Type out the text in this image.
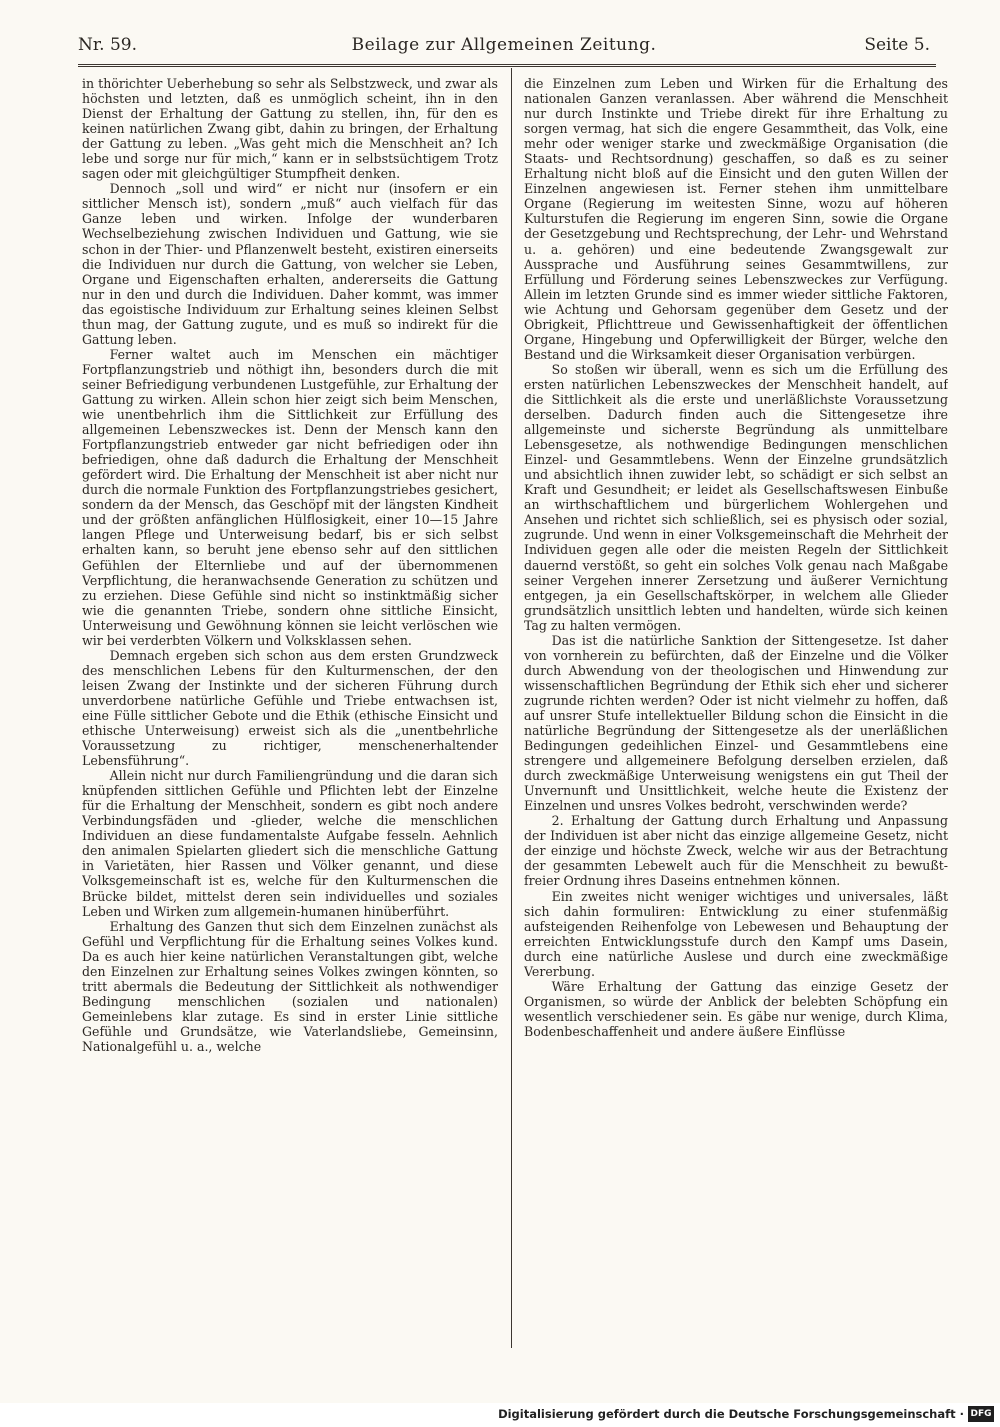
Nr. 59.	Beilage zur Allgemeinen Zeitung.	Seite 5.

in thörichter Ueberhebung so sehr als Selbstzweck, und zwar als höchsten und letzten, daß es unmöglich scheint, ihn in den Dienst der Erhaltung der Gattung zu stellen, ihn, für den es keinen natürlichen Zwang gibt, dahin zu bringen, der Erhaltung der Gattung zu leben. „Was geht mich die Menschheit an? Ich lebe und sorge nur für mich,“ kann er in selbstsüchtigem Trotz sagen oder mit gleichgültiger Stumpfheit denken.

Dennoch „soll und wird“ er nicht nur (insofern er ein sittlicher Mensch ist), sondern „muß“ auch vielfach für das Ganze leben und wirken. Infolge der wunderbaren Wechselbeziehung zwischen Individuen und Gattung, wie sie schon in der Thier- und Pflanzenwelt besteht, existiren einerseits die Individuen nur durch die Gattung, von welcher sie Leben, Organe und Eigenschaften erhalten, andererseits die Gattung nur in den und durch die Individuen. Daher kommt, was immer das egoistische Individuum zur Erhaltung seines kleinen Selbst thun mag, der Gattung zugute, und es muß so indirekt für die Gattung leben.

Ferner waltet auch im Menschen ein mächtiger Fortpflanzungstrieb und nöthigt ihn, besonders durch die mit seiner Befriedigung verbundenen Lustgefühle, zur Erhaltung der Gattung zu wirken. Allein schon hier zeigt sich beim Menschen, wie unentbehrlich ihm die Sittlichkeit zur Erfüllung des allgemeinen Lebenszweckes ist. Denn der Mensch kann den Fortpflanzungstrieb entweder gar nicht befriedigen oder ihn befriedigen, ohne daß dadurch die Erhaltung der Menschheit gefördert wird. Die Erhaltung der Menschheit ist aber nicht nur durch die normale Funktion des Fortpflanzungstriebes gesichert, sondern da der Mensch, das Geschöpf mit der längsten Kindheit und der größten anfänglichen Hülflosigkeit, einer 10—15 Jahre langen Pflege und Unterweisung bedarf, bis er sich selbst erhalten kann, so beruht jene ebenso sehr auf den sittlichen Gefühlen der Elternliebe und auf der übernommenen Verpflichtung, die heranwachsende Generation zu schützen und zu erziehen. Diese Gefühle sind nicht so instinktmäßig sicher wie die genannten Triebe, sondern ohne sittliche Einsicht, Unterweisung und Gewöhnung können sie leicht verlöschen wie wir bei verderbten Völkern und Volksklassen sehen.

Demnach ergeben sich schon aus dem ersten Grundzweck des menschlichen Lebens für den Kulturmenschen, der den leisen Zwang der Instinkte und der sicheren Führung durch unverdorbene natürliche Gefühle und Triebe entwachsen ist, eine Fülle sittlicher Gebote und die Ethik (ethische Einsicht und ethische Unterweisung) erweist sich als die „unentbehrliche Voraussetzung zu richtiger, menschenerhaltender Lebensführung“.

Allein nicht nur durch Familiengründung und die daran sich knüpfenden sittlichen Gefühle und Pflichten lebt der Einzelne für die Erhaltung der Menschheit, sondern es gibt noch andere Verbindungsfäden und -glieder, welche die menschlichen Individuen an diese fundamentalste Aufgabe fesseln. Aehnlich den animalen Spielarten gliedert sich die menschliche Gattung in Varietäten, hier Rassen und Völker genannt, und diese Volksgemeinschaft ist es, welche für den Kulturmenschen die Brücke bildet, mittelst deren sein individuelles und soziales Leben und Wirken zum allgemein-humanen hinüberführt.

Erhaltung des Ganzen thut sich dem Einzelnen zunächst als Gefühl und Verpflichtung für die Erhaltung seines Volkes kund. Da es auch hier keine natürlichen Veranstaltungen gibt, welche den Einzelnen zur Erhaltung seines Volkes zwingen könnten, so tritt abermals die Bedeutung der Sittlichkeit als nothwendiger Bedingung menschlichen (sozialen und nationalen) Gemeinlebens klar zutage. Es sind in erster Linie sittliche Gefühle und Grundsätze, wie Vaterlandsliebe, Gemeinsinn, Nationalgefühl u. a., welche

die Einzelnen zum Leben und Wirken für die Erhaltung des nationalen Ganzen veranlassen. Aber während die Menschheit nur durch Instinkte und Triebe direkt für ihre Erhaltung zu sorgen vermag, hat sich die engere Gesammtheit, das Volk, eine mehr oder weniger starke und zweckmäßige Organisation (die Staats- und Rechtsordnung) geschaffen, so daß es zu seiner Erhaltung nicht bloß auf die Einsicht und den guten Willen der Einzelnen angewiesen ist. Ferner stehen ihm unmittelbare Organe (Regierung im weitesten Sinne, wozu auf höheren Kulturstufen die Regierung im engeren Sinn, sowie die Organe der Gesetzgebung und Rechtsprechung, der Lehr- und Wehrstand u. a. gehören) und eine bedeutende Zwangsgewalt zur Aussprache und Ausführung seines Gesammtwillens, zur Erfüllung und Förderung seines Lebenszweckes zur Verfügung. Allein im letzten Grunde sind es immer wieder sittliche Faktoren, wie Achtung und Gehorsam gegenüber dem Gesetz und der Obrigkeit, Pflichttreue und Gewissenhaftigkeit der öffentlichen Organe, Hingebung und Opferwilligkeit der Bürger, welche den Bestand und die Wirksamkeit dieser Organisation verbürgen.

So stoßen wir überall, wenn es sich um die Erfüllung des ersten natürlichen Lebenszweckes der Menschheit handelt, auf die Sittlichkeit als die erste und unerläßlichste Voraussetzung derselben. Dadurch finden auch die Sittengesetze ihre allgemeinste und sicherste Begründung als unmittelbare Lebensgesetze, als nothwendige Bedingungen menschlichen Einzel- und Gesammtlebens. Wenn der Einzelne grundsätzlich und absichtlich ihnen zuwider lebt, so schädigt er sich selbst an Kraft und Gesundheit; er leidet als Gesellschaftswesen Einbuße an wirthschaftlichem und bürgerlichem Wohlergehen und Ansehen und richtet sich schließlich, sei es physisch oder sozial, zugrunde. Und wenn in einer Volksgemeinschaft die Mehrheit der Individuen gegen alle oder die meisten Regeln der Sittlichkeit dauernd verstößt, so geht ein solches Volk genau nach Maßgabe seiner Vergehen innerer Zersetzung und äußerer Vernichtung entgegen, ja ein Gesellschaftskörper, in welchem alle Glieder grundsätzlich unsittlich lebten und handelten, würde sich keinen Tag zu halten vermögen.

Das ist die natürliche Sanktion der Sittengesetze. Ist daher von vornherein zu befürchten, daß der Einzelne und die Völker durch Abwendung von der theologischen und Hinwendung zur wissenschaftlichen Begründung der Ethik sich eher und sicherer zugrunde richten werden? Oder ist nicht vielmehr zu hoffen, daß auf unsrer Stufe intellektueller Bildung schon die Einsicht in die natürliche Begründung der Sittengesetze als der unerläßlichen Bedingungen gedeihlichen Einzel- und Gesammtlebens eine strengere und allgemeinere Befolgung derselben erzielen, daß durch zweckmäßige Unterweisung wenigstens ein gut Theil der Unvernunft und Unsittlichkeit, welche heute die Existenz der Einzelnen und unsres Volkes bedroht, verschwinden werde?

2. Erhaltung der Gattung durch Erhaltung und Anpassung der Individuen ist aber nicht das einzige allgemeine Gesetz, nicht der einzige und höchste Zweck, welche wir aus der Betrachtung der gesammten Lebewelt auch für die Menschheit zu bewußt-freier Ordnung ihres Daseins entnehmen können.

Ein zweites nicht weniger wichtiges und universales, läßt sich dahin formuliren: Entwicklung zu einer stufenmäßig aufsteigenden Reihenfolge von Lebewesen und Behauptung der erreichten Entwicklungsstufe durch den Kampf ums Dasein, durch eine natürliche Auslese und durch eine zweckmäßige Vererbung.

Wäre Erhaltung der Gattung das einzige Gesetz der Organismen, so würde der Anblick der belebten Schöpfung ein wesentlich verschiedener sein. Es gäbe nur wenige, durch Klima, Bodenbeschaffenheit und andere äußere Einflüsse

Digitalisierung gefördert durch die Deutsche Forschungsgemeinschaft · DFG
